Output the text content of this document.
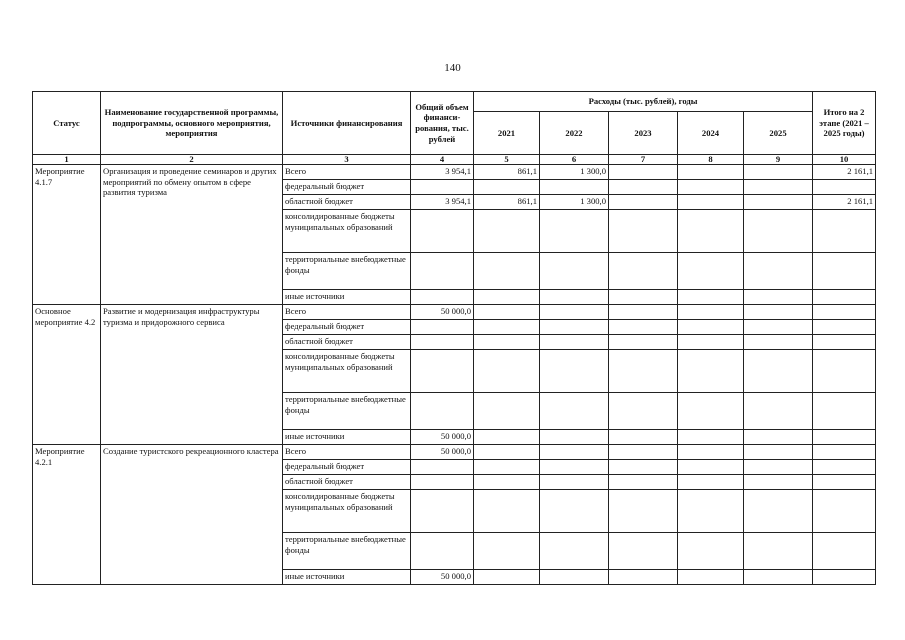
140
Статус	Наименование государственной программы, подпрограммы, основного мероприятия, мероприятия	Источники финансирования	Общий объем финанси-рования, тыс. рублей	Расходы (тыс. рублей), годы					Итого на 2 этапе (2021 – 2025 годы)
				2021	2022	2023	2024	2025	
1	2	3	4	5	6	7	8	9	10
Мероприятие 4.1.7	Организация и проведение семинаров и других мероприятий по обмену опытом в сфере развития туризма	Всего	3 954,1	861,1	1 300,0				2 161,1
		федеральный бюджет							
		областной бюджет	3 954,1	861,1	1 300,0				2 161,1
		консолидированные бюджеты муниципальных образований							
		территориальные внебюджетные фонды							
		иные источники							
Основное мероприятие 4.2	Развитие и модернизация инфраструктуры туризма и придорожного сервиса	Всего	50 000,0						
		федеральный бюджет							
		областной бюджет							
		консолидированные бюджеты муниципальных образований							
		территориальные внебюджетные фонды							
		иные источники	50 000,0						
Мероприятие 4.2.1	Создание туристского рекреационного кластера	Всего	50 000,0						
		федеральный бюджет							
		областной бюджет							
		консолидированные бюджеты муниципальных образований							
		территориальные внебюджетные фонды							
		иные источники	50 000,0						
